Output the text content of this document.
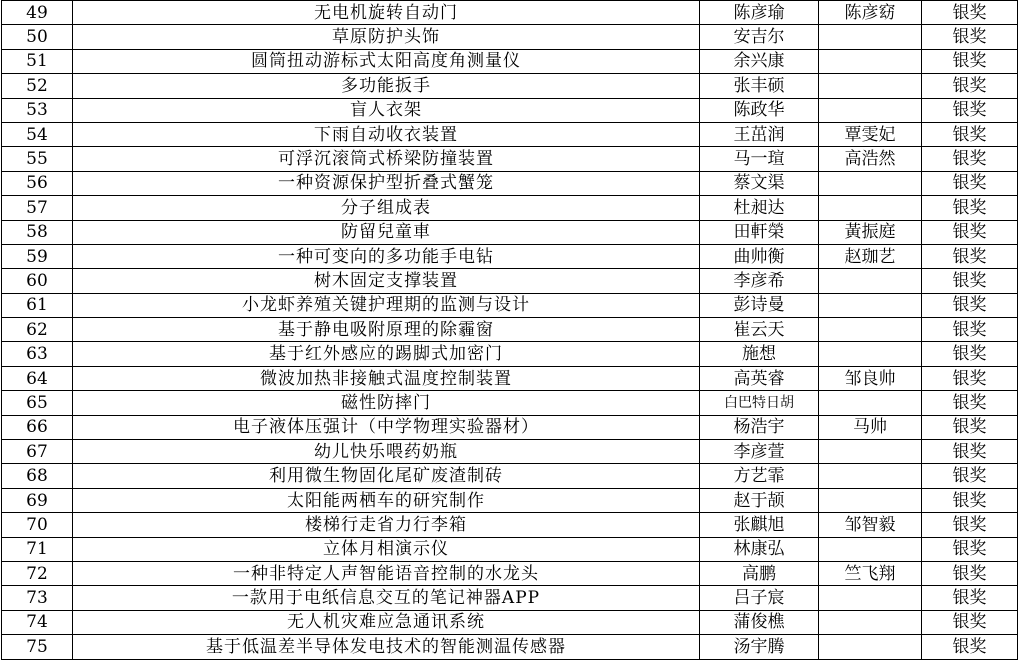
49	无电机旋转自动门	陈彦瑜	陈彦窈	银奖
50	草原防护头饰	安吉尔		银奖
51	圆筒扭动游标式太阳高度角测量仪	余兴康		银奖
52	多功能扳手	张丰硕		银奖
53	盲人衣架	陈政华		银奖
54	下雨自动收衣装置	王茁润	覃雯妃	银奖
55	可浮沉滚筒式桥梁防撞装置	马一瑄	高浩然	银奖
56	一种资源保护型折叠式蟹笼	蔡文渠		银奖
57	分子组成表	杜昶达		银奖
58	防留兒童車	田軒榮	黃振庭	银奖
59	一种可变向的多功能手电钻	曲帅衡	赵珈艺	银奖
60	树木固定支撑装置	李彦希		银奖
61	小龙虾养殖关键护理期的监测与设计	彭诗曼		银奖
62	基于静电吸附原理的除霾窗	崔云天		银奖
63	基于红外感应的踢脚式加密门	施想		银奖
64	微波加热非接触式温度控制装置	高英睿	邹良帅	银奖
65	磁性防摔门	白巴特日胡		银奖
66	电子液体压强计（中学物理实验器材）	杨浩宇	马帅	银奖
67	幼儿快乐喂药奶瓶	李彦萱		银奖
68	利用微生物固化尾矿废渣制砖	方艺霏		银奖
69	太阳能两栖车的研究制作	赵于颉		银奖
70	楼梯行走省力行李箱	张麒旭	邹智毅	银奖
71	立体月相演示仪	林康弘		银奖
72	一种非特定人声智能语音控制的水龙头	高鹏	竺飞翔	银奖
73	一款用于电纸信息交互的笔记神器APP	吕子宸		银奖
74	无人机灾难应急通讯系统	蒲俊樵		银奖
75	基于低温差半导体发电技术的智能测温传感器	汤宇腾		银奖
